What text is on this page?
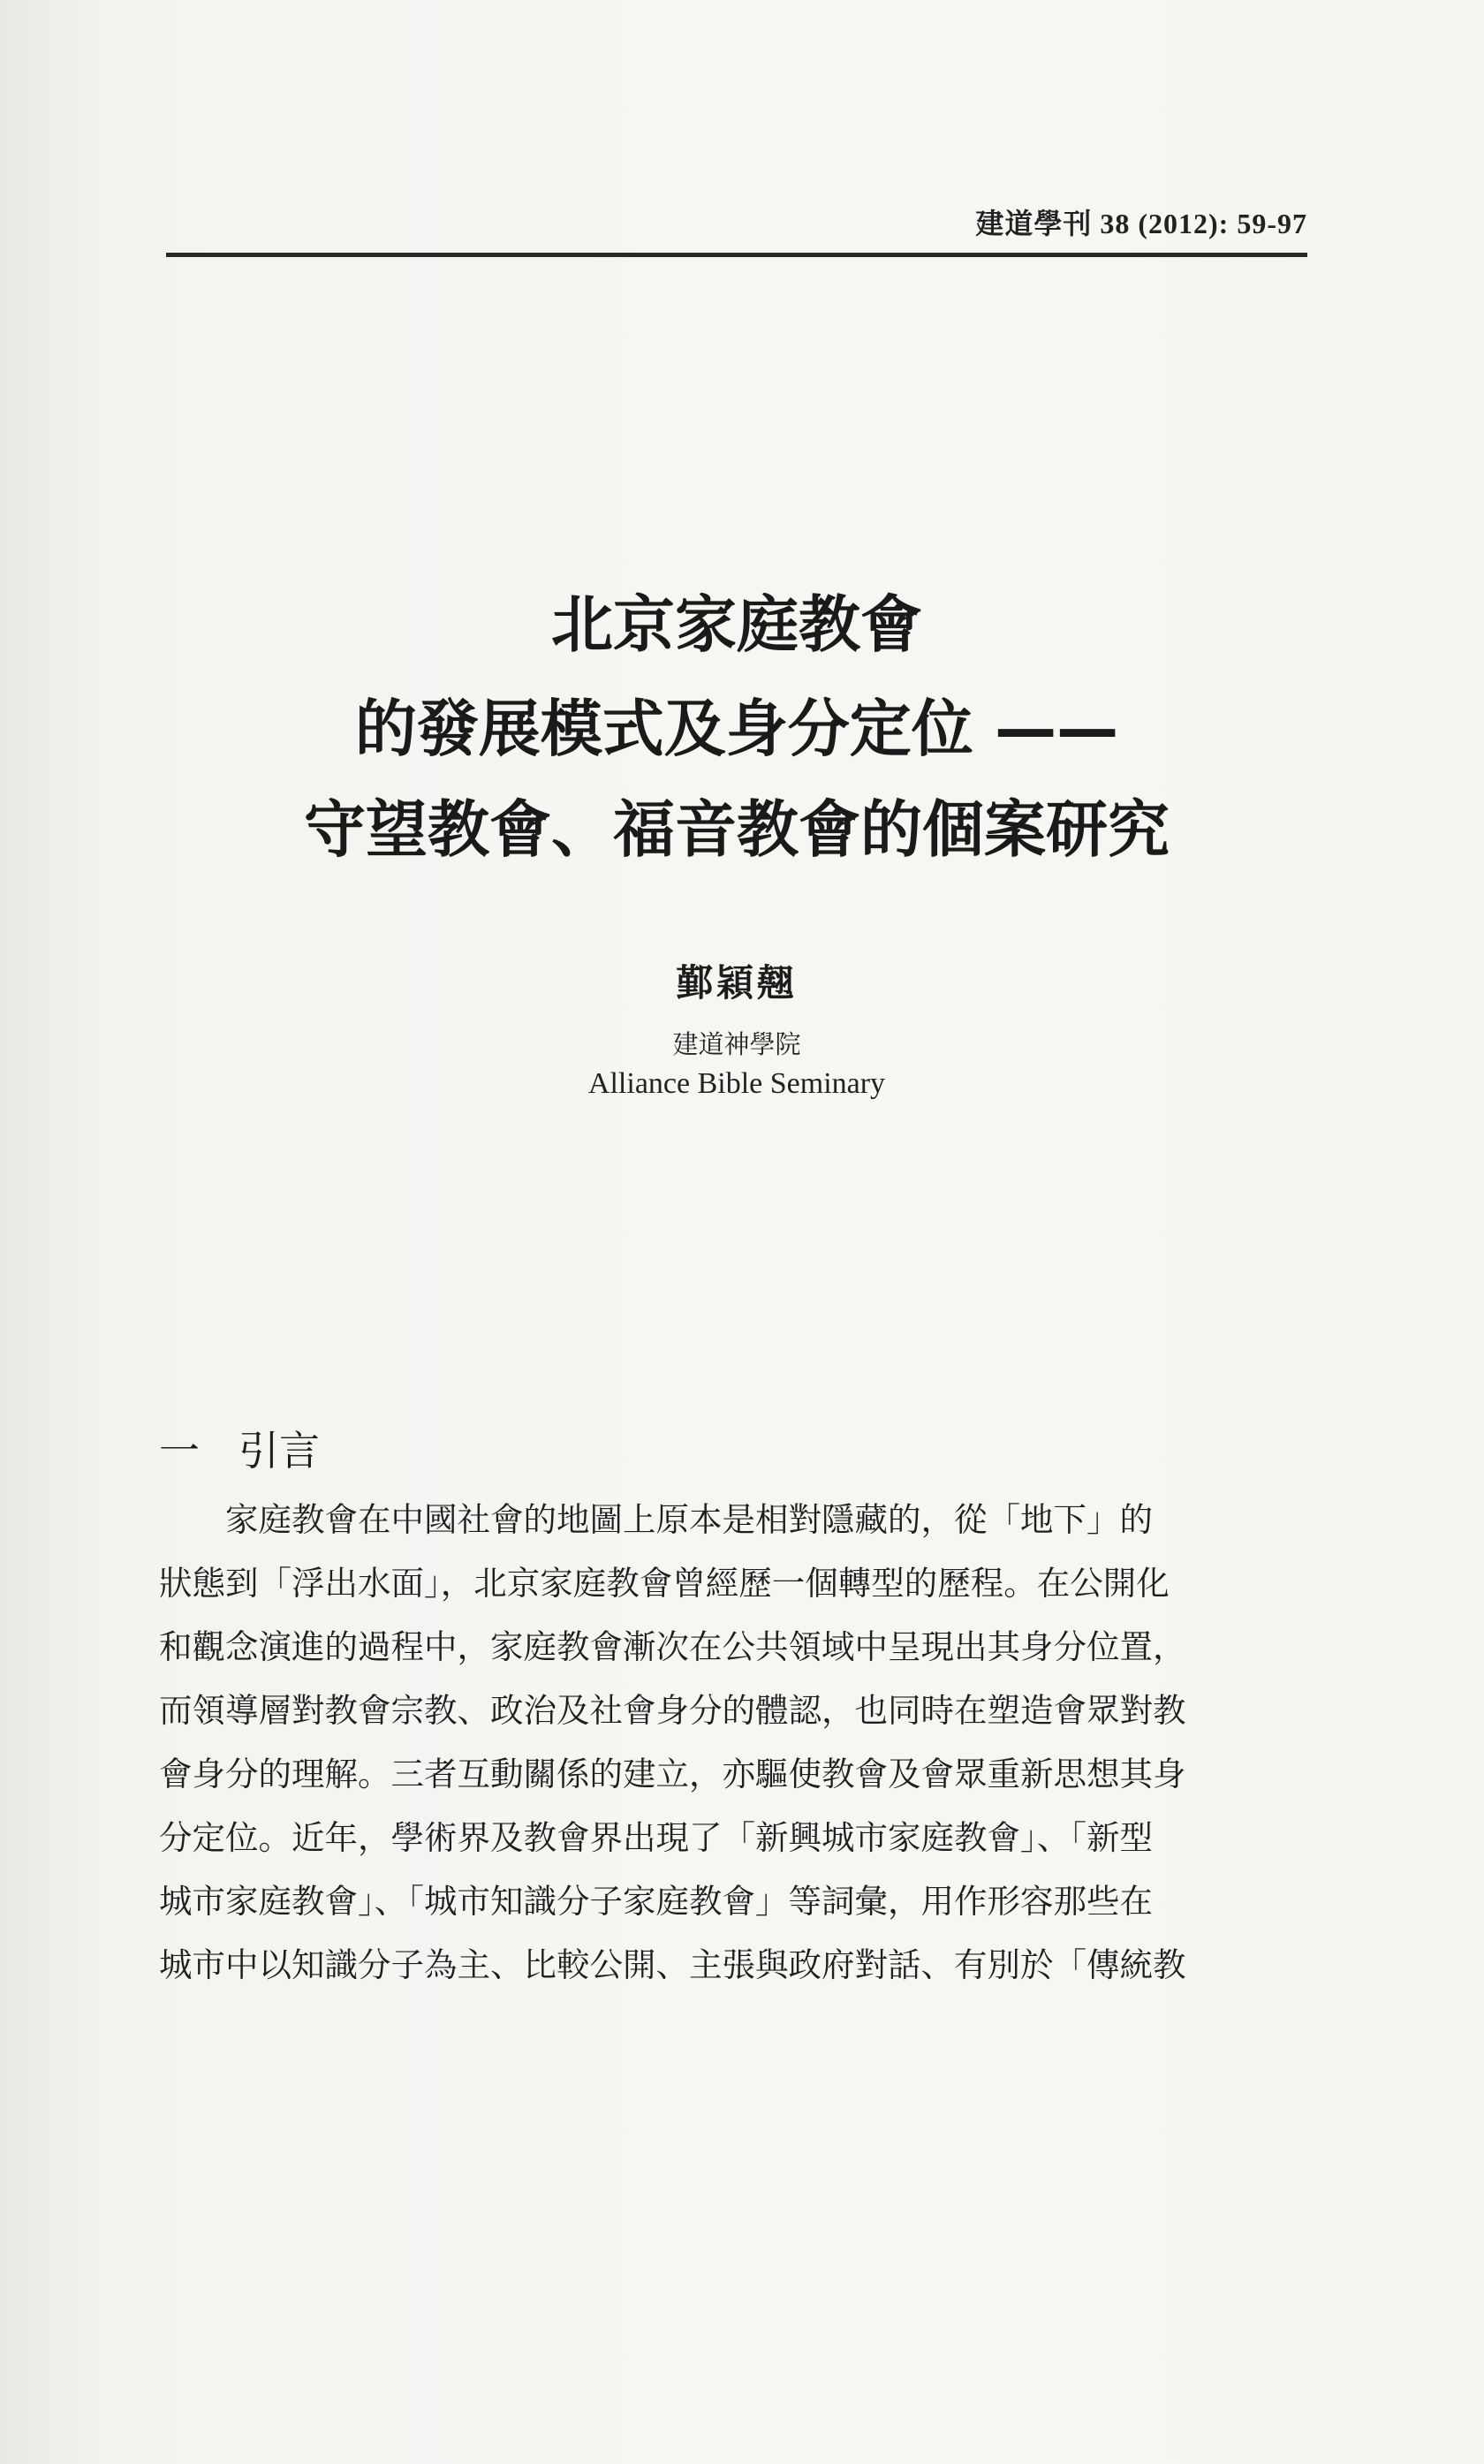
建道學刊 38 (2012): 59-97
北京家庭教會
的發展模式及身分定位 ——
守望教會、福音教會的個案研究
鄞穎翹
建道神學院
Alliance Bible Seminary
一 引言
家庭教會在中國社會的地圖上原本是相對隱藏的，從「地下」的
狀態到「浮出水面」，北京家庭教會曾經歷一個轉型的歷程。在公開化
和觀念演進的過程中，家庭教會漸次在公共領域中呈現出其身分位置，
而領導層對教會宗教、政治及社會身分的體認，也同時在塑造會眾對教
會身分的理解。三者互動關係的建立，亦驅使教會及會眾重新思想其身
分定位。近年，學術界及教會界出現了「新興城市家庭教會」、「新型
城市家庭教會」、「城市知識分子家庭教會」等詞彙，用作形容那些在
城市中以知識分子為主、比較公開、主張與政府對話、有別於「傳統教
